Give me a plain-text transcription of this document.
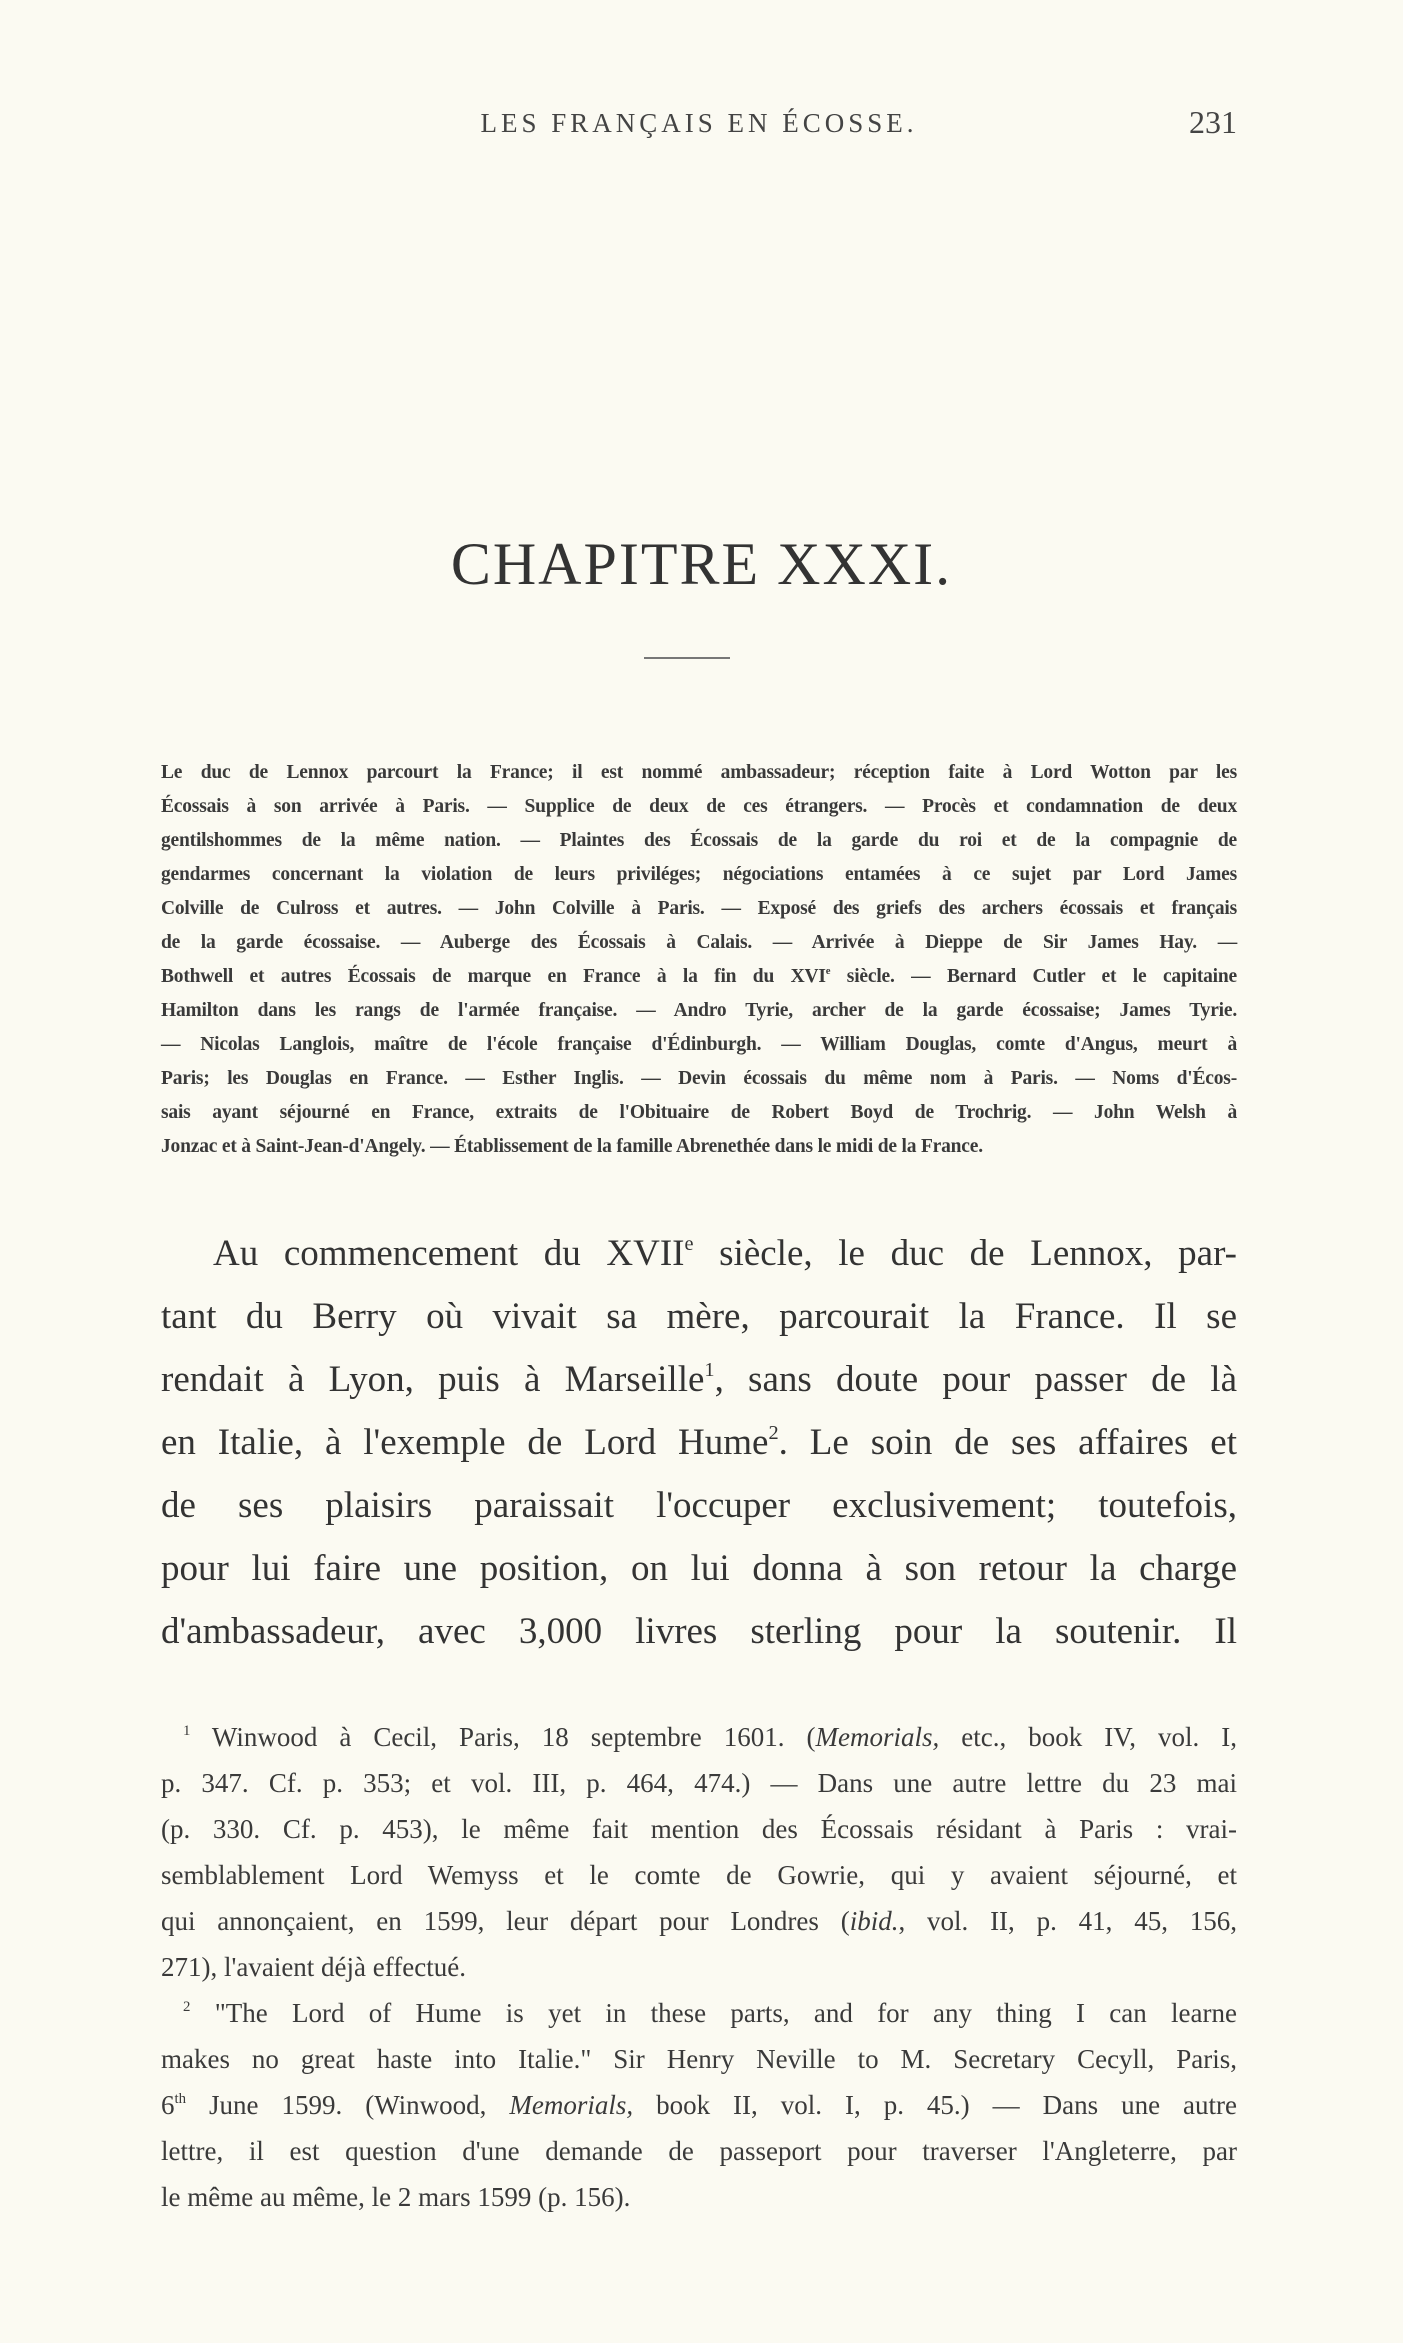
LES FRANÇAIS EN ÉCOSSE.	231
CHAPITRE XXXI.
Le duc de Lennox parcourt la France; il est nommé ambassadeur; réception faite à Lord Wotton par les
Écossais à son arrivée à Paris. — Supplice de deux de ces étrangers. — Procès et condamnation de deux
gentilshommes de la même nation. — Plaintes des Écossais de la garde du roi et de la compagnie de
gendarmes concernant la violation de leurs priviléges; négociations entamées à ce sujet par Lord James
Colville de Culross et autres. — John Colville à Paris. — Exposé des griefs des archers écossais et français
de la garde écossaise. — Auberge des Écossais à Calais. — Arrivée à Dieppe de Sir James Hay. —
Bothwell et autres Écossais de marque en France à la fin du XVIe siècle. — Bernard Cutler et le capitaine
Hamilton dans les rangs de l'armée française. — Andro Tyrie, archer de la garde écossaise; James Tyrie.
— Nicolas Langlois, maître de l'école française d'Édinburgh. — William Douglas, comte d'Angus, meurt à
Paris; les Douglas en France. — Esther Inglis. — Devin écossais du même nom à Paris. — Noms d'Écos-
sais ayant séjourné en France, extraits de l'Obituaire de Robert Boyd de Trochrig. — John Welsh à
Jonzac et à Saint-Jean-d'Angely. — Établissement de la famille Abrenethée dans le midi de la France.
Au commencement du XVIIe siècle, le duc de Lennox, par-
tant du Berry où vivait sa mère, parcourait la France. Il se
rendait à Lyon, puis à Marseille$^1$, sans doute pour passer de là
en Italie, à l'exemple de Lord Hume$^2$. Le soin de ses affaires et
de ses plaisirs paraissait l'occuper exclusivement; toutefois,
pour lui faire une position, on lui donna à son retour la charge
d'ambassadeur, avec 3,000 livres sterling pour la soutenir. Il
$^1$ Winwood à Cecil, Paris, 18 septembre 1601. (Memorials, etc., book IV, vol. I,
p. 347. Cf. p. 353; et vol. III, p. 464, 474.) — Dans une autre lettre du 23 mai
(p. 330. Cf. p. 453), le même fait mention des Écossais résidant à Paris : vrai-
semblablement Lord Wemyss et le comte de Gowrie, qui y avaient séjourné, et
qui annonçaient, en 1599, leur départ pour Londres (ibid., vol. II, p. 41, 45, 156,
271), l'avaient déjà effectué.
$^2$ "The Lord of Hume is yet in these parts, and for any thing I can learne
makes no great haste into Italie." Sir Henry Neville to M. Secretary Cecyll, Paris,
6th June 1599. (Winwood, Memorials, book II, vol. I, p. 45.) — Dans une autre
lettre, il est question d'une demande de passeport pour traverser l'Angleterre, par
le même au même, le 2 mars 1599 (p. 156).
